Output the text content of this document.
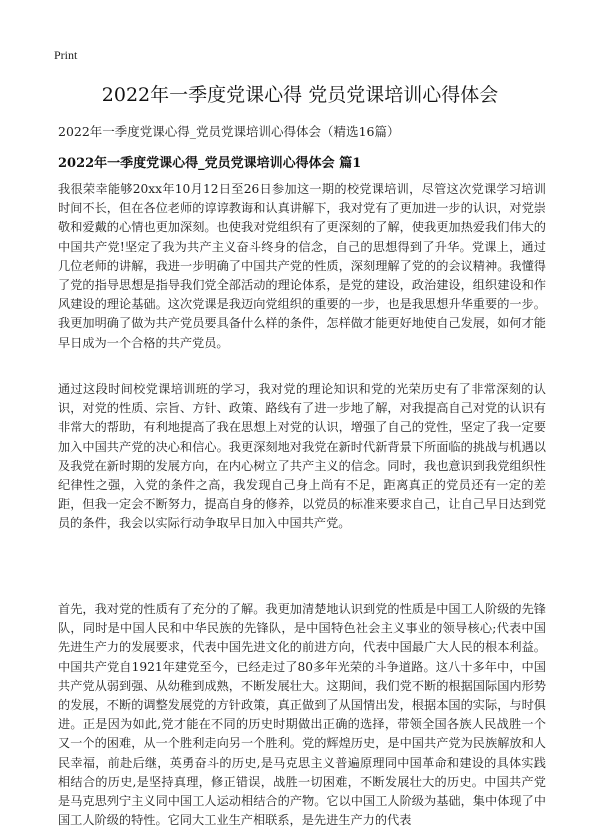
Print
2022年一季度党课心得 党员党课培训心得体会

2022年一季度党课心得_党员党课培训心得体会（精选16篇）

2022年一季度党课心得_党员党课培训心得体会 篇1

我很荣幸能够20xx年10月12日至26日参加这一期的校党课培训，尽管这次党课学习培训时间不长，但在各位老师的谆谆教诲和认真讲解下，我对党有了更加进一步的认识，对党崇敬和爱戴的心情也更加深刻。也使我对党组织有了更深刻的了解，使我更加热爱我们伟大的中国共产党!坚定了我为共产主义奋斗终身的信念，自己的思想得到了升华。党课上，通过几位老师的讲解，我进一步明确了中国共产党的性质，深刻理解了党的的会议精神。我懂得了党的指导思想是指导我们党全部活动的理论体系，是党的建设，政治建设，组织建设和作风建设的理论基础。这次党课是我迈向党组织的重要的一步，也是我思想升华重要的一步。我更加明确了做为共产党员要具备什么样的条件，怎样做才能更好地使自己发展，如何才能早日成为一个合格的共产党员。

通过这段时间校党课培训班的学习，我对党的理论知识和党的光荣历史有了非常深刻的认识，对党的性质、宗旨、方针、政策、路线有了进一步地了解，对我提高自己对党的认识有非常大的帮助，有利地提高了我在思想上对党的认识，增强了自己的党性，坚定了我一定要加入中国共产党的决心和信心。我更深刻地对我党在新时代新背景下所面临的挑战与机遇以及我党在新时期的发展方向，在内心树立了共产主义的信念。同时，我也意识到我党组织性纪律性之强，入党的条件之高，我发现自己身上尚有不足，距离真正的党员还有一定的差距，但我一定会不断努力，提高自身的修养，以党员的标准来要求自己，让自己早日达到党员的条件，我会以实际行动争取早日加入中国共产党。

首先，我对党的性质有了充分的了解。我更加清楚地认识到党的性质是中国工人阶级的先锋队，同时是中国人民和中华民族的先锋队，是中国特色社会主义事业的领导核心;代表中国先进生产力的发展要求，代表中国先进文化的前进方向，代表中国最广大人民的根本利益。中国共产党自1921年建党至今，已经走过了80多年光荣的斗争道路。这八十多年中，中国共产党从弱到强、从幼稚到成熟，不断发展壮大。这期间，我们党不断的根据国际国内形势的发展，不断的调整发展党的方针政策，真正做到了从国情出发，根据本国的实际，与时俱进。正是因为如此,党才能在不同的历史时期做出正确的选择，带领全国各族人民战胜一个又一个的困难，从一个胜利走向另一个胜利。党的辉煌历史，是中国共产党为民族解放和人民幸福，前赴后继，英勇奋斗的历史,是马克思主义普遍原理同中国革命和建设的具体实践相结合的历史,是坚持真理，修正错误，战胜一切困难，不断发展壮大的历史。中国共产党是马克思列宁主义同中国工人运动相结合的产物。它以中国工人阶级为基础，集中体现了中国工人阶级的特性。它同大工业生产相联系，是先进生产力的代表
